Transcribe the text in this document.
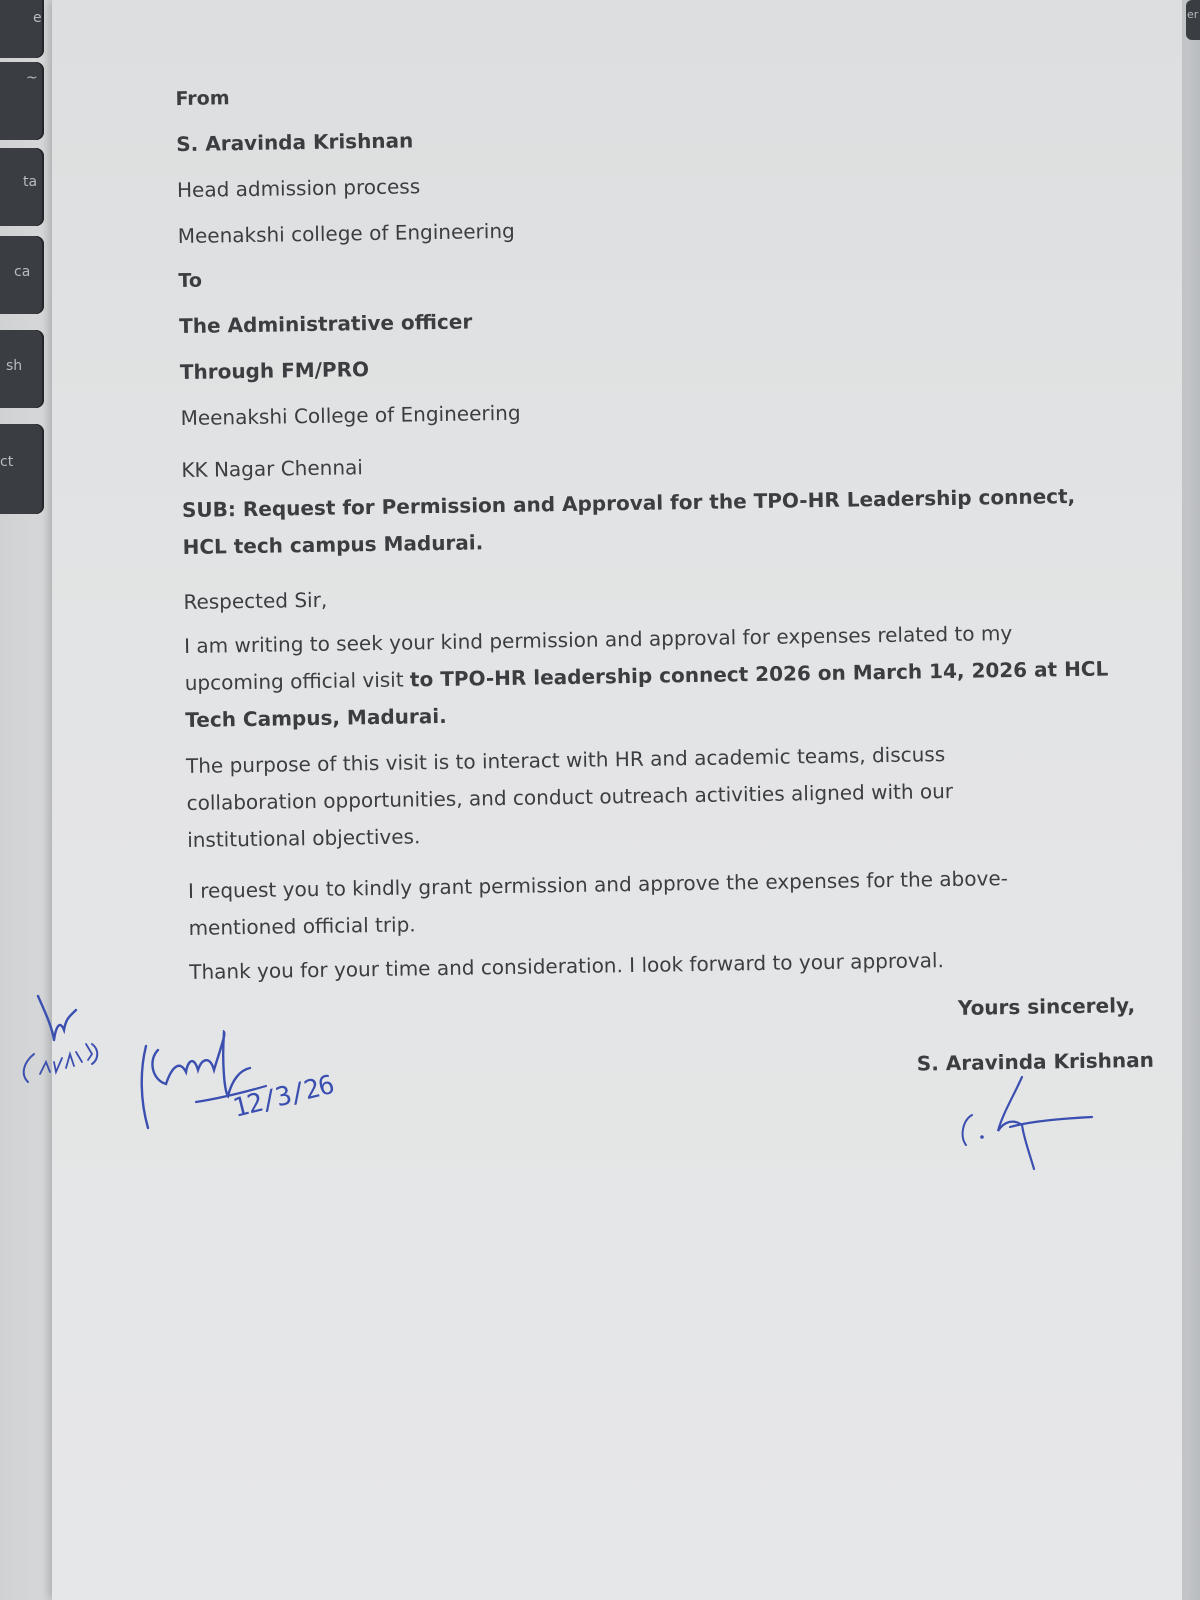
e
~
ta
ca
sh
ct
er
From
S. Aravinda Krishnan
Head admission process
Meenakshi college of Engineering
To
The Administrative officer
Through FM/PRO
Meenakshi College of Engineering
KK Nagar Chennai
SUB: Request for Permission and Approval for the TPO-HR Leadership connect,
HCL tech campus Madurai.
Respected Sir,
I am writing to seek your kind permission and approval for expenses related to my
upcoming official visit to TPO-HR leadership connect 2026 on March 14, 2026 at HCL
Tech Campus, Madurai.
The purpose of this visit is to interact with HR and academic teams, discuss
collaboration opportunities, and conduct outreach activities aligned with our
institutional objectives.
I request you to kindly grant permission and approve the expenses for the above-
mentioned official trip.
Thank you for your time and consideration. I look forward to your approval.
Yours sincerely,
S. Aravinda Krishnan
12/3/26
